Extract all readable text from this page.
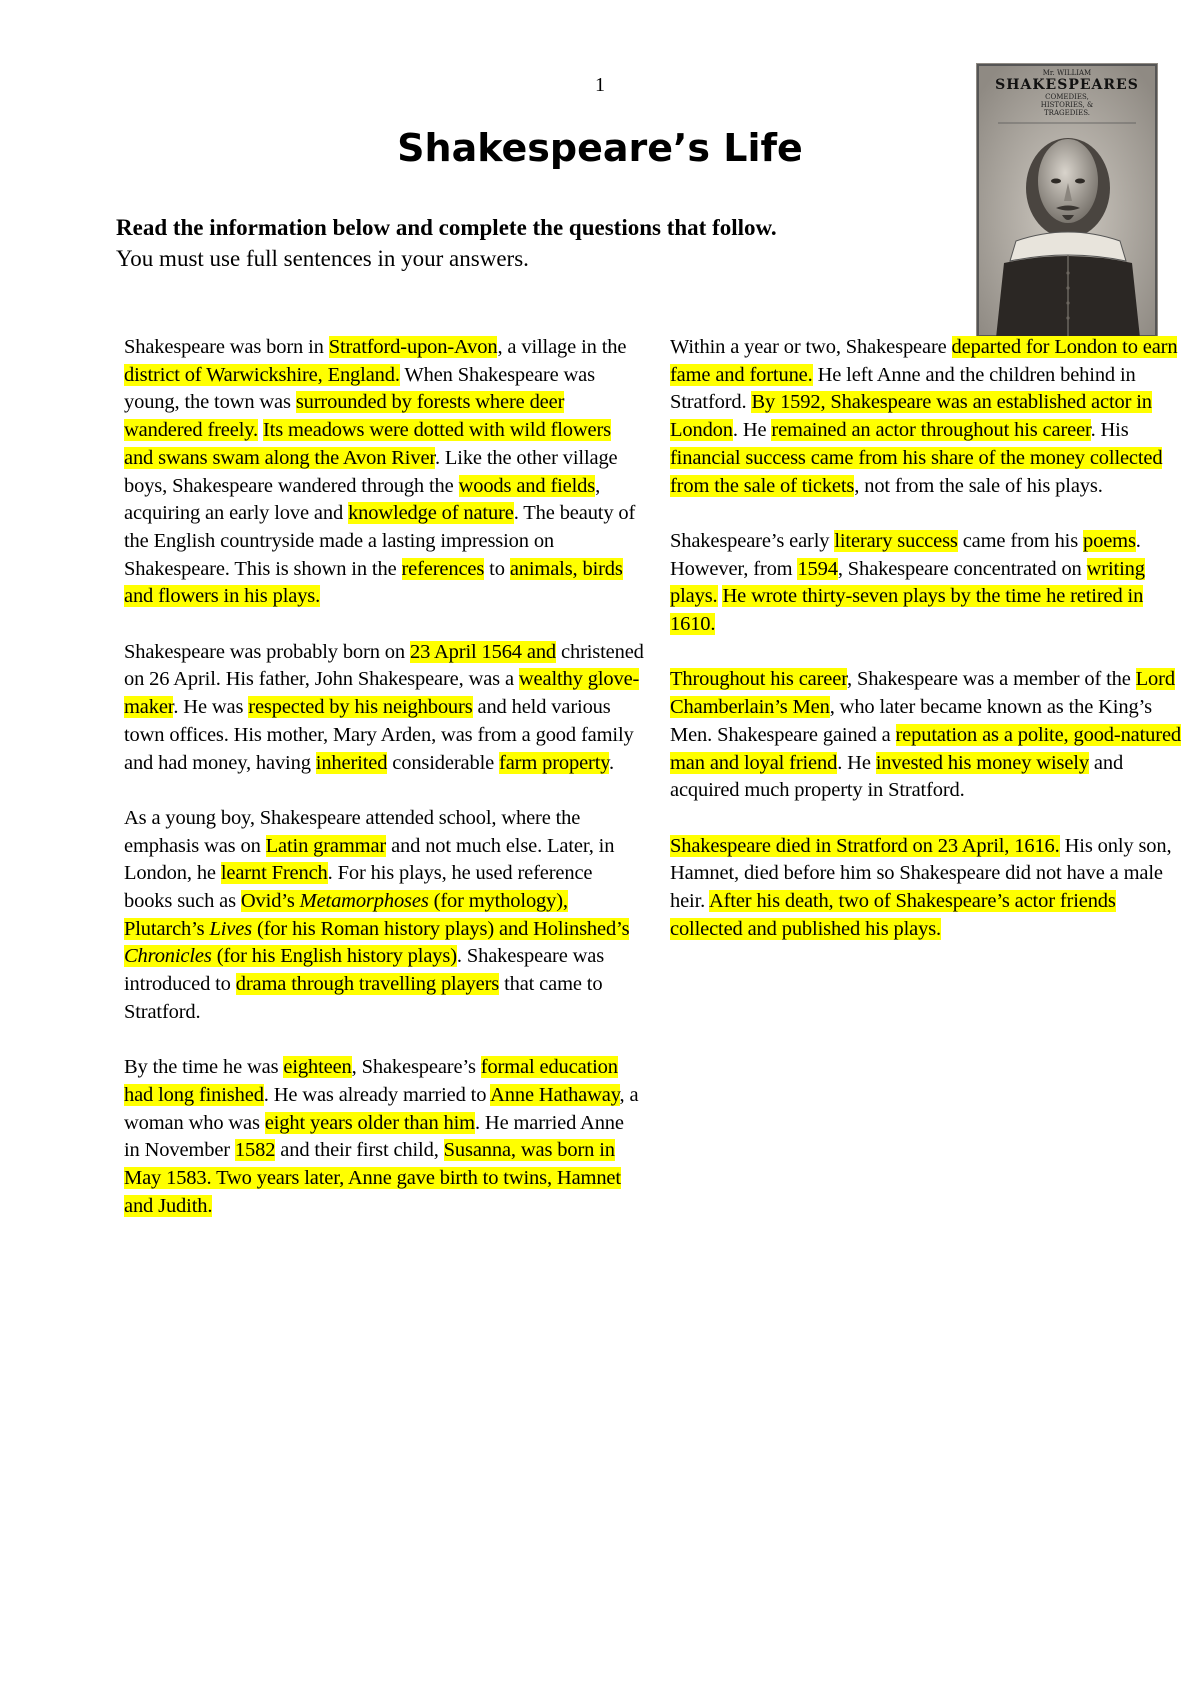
1
Shakespeare’s Life
Read the information below and complete the questions that follow.
You must use full sentences in your answers.
Mr. WILLIAM
SHAKESPEARES
COMEDIES,
HISTORIES, &
TRAGEDIES.

Shakespeare was born in Stratford-upon-Avon, a village in the district of Warwickshire, England. When Shakespeare was young, the town was surrounded by forests where deer wandered freely. Its meadows were dotted with wild flowers and swans swam along the Avon River. Like the other village boys, Shakespeare wandered through the woods and fields, acquiring an early love and knowledge of nature. The beauty of the English countryside made a lasting impression on Shakespeare. This is shown in the references to animals, birds and flowers in his plays.

Shakespeare was probably born on 23 April 1564 and christened on 26 April. His father, John Shakespeare, was a wealthy glove-maker. He was respected by his neighbours and held various town offices. His mother, Mary Arden, was from a good family and had money, having inherited considerable farm property.

As a young boy, Shakespeare attended school, where the emphasis was on Latin grammar and not much else. Later, in London, he learnt French. For his plays, he used reference books such as Ovid’s Metamorphoses (for mythology), Plutarch’s Lives (for his Roman history plays) and Holinshed’s Chronicles (for his English history plays). Shakespeare was introduced to drama through travelling players that came to Stratford.

By the time he was eighteen, Shakespeare’s formal education had long finished. He was already married to Anne Hathaway, a woman who was eight years older than him. He married Anne in November 1582 and their first child, Susanna, was born in May 1583. Two years later, Anne gave birth to twins, Hamnet and Judith.

Within a year or two, Shakespeare departed for London to earn fame and fortune. He left Anne and the children behind in Stratford. By 1592, Shakespeare was an established actor in London. He remained an actor throughout his career. His financial success came from his share of the money collected from the sale of tickets, not from the sale of his plays.

Shakespeare’s early literary success came from his poems. However, from 1594, Shakespeare concentrated on writing plays. He wrote thirty-seven plays by the time he retired in 1610.

Throughout his career, Shakespeare was a member of the Lord Chamberlain’s Men, who later became known as the King’s Men. Shakespeare gained a reputation as a polite, good-natured man and loyal friend. He invested his money wisely and acquired much property in Stratford.

Shakespeare died in Stratford on 23 April, 1616. His only son, Hamnet, died before him so Shakespeare did not have a male heir. After his death, two of Shakespeare’s actor friends collected and published his plays.
